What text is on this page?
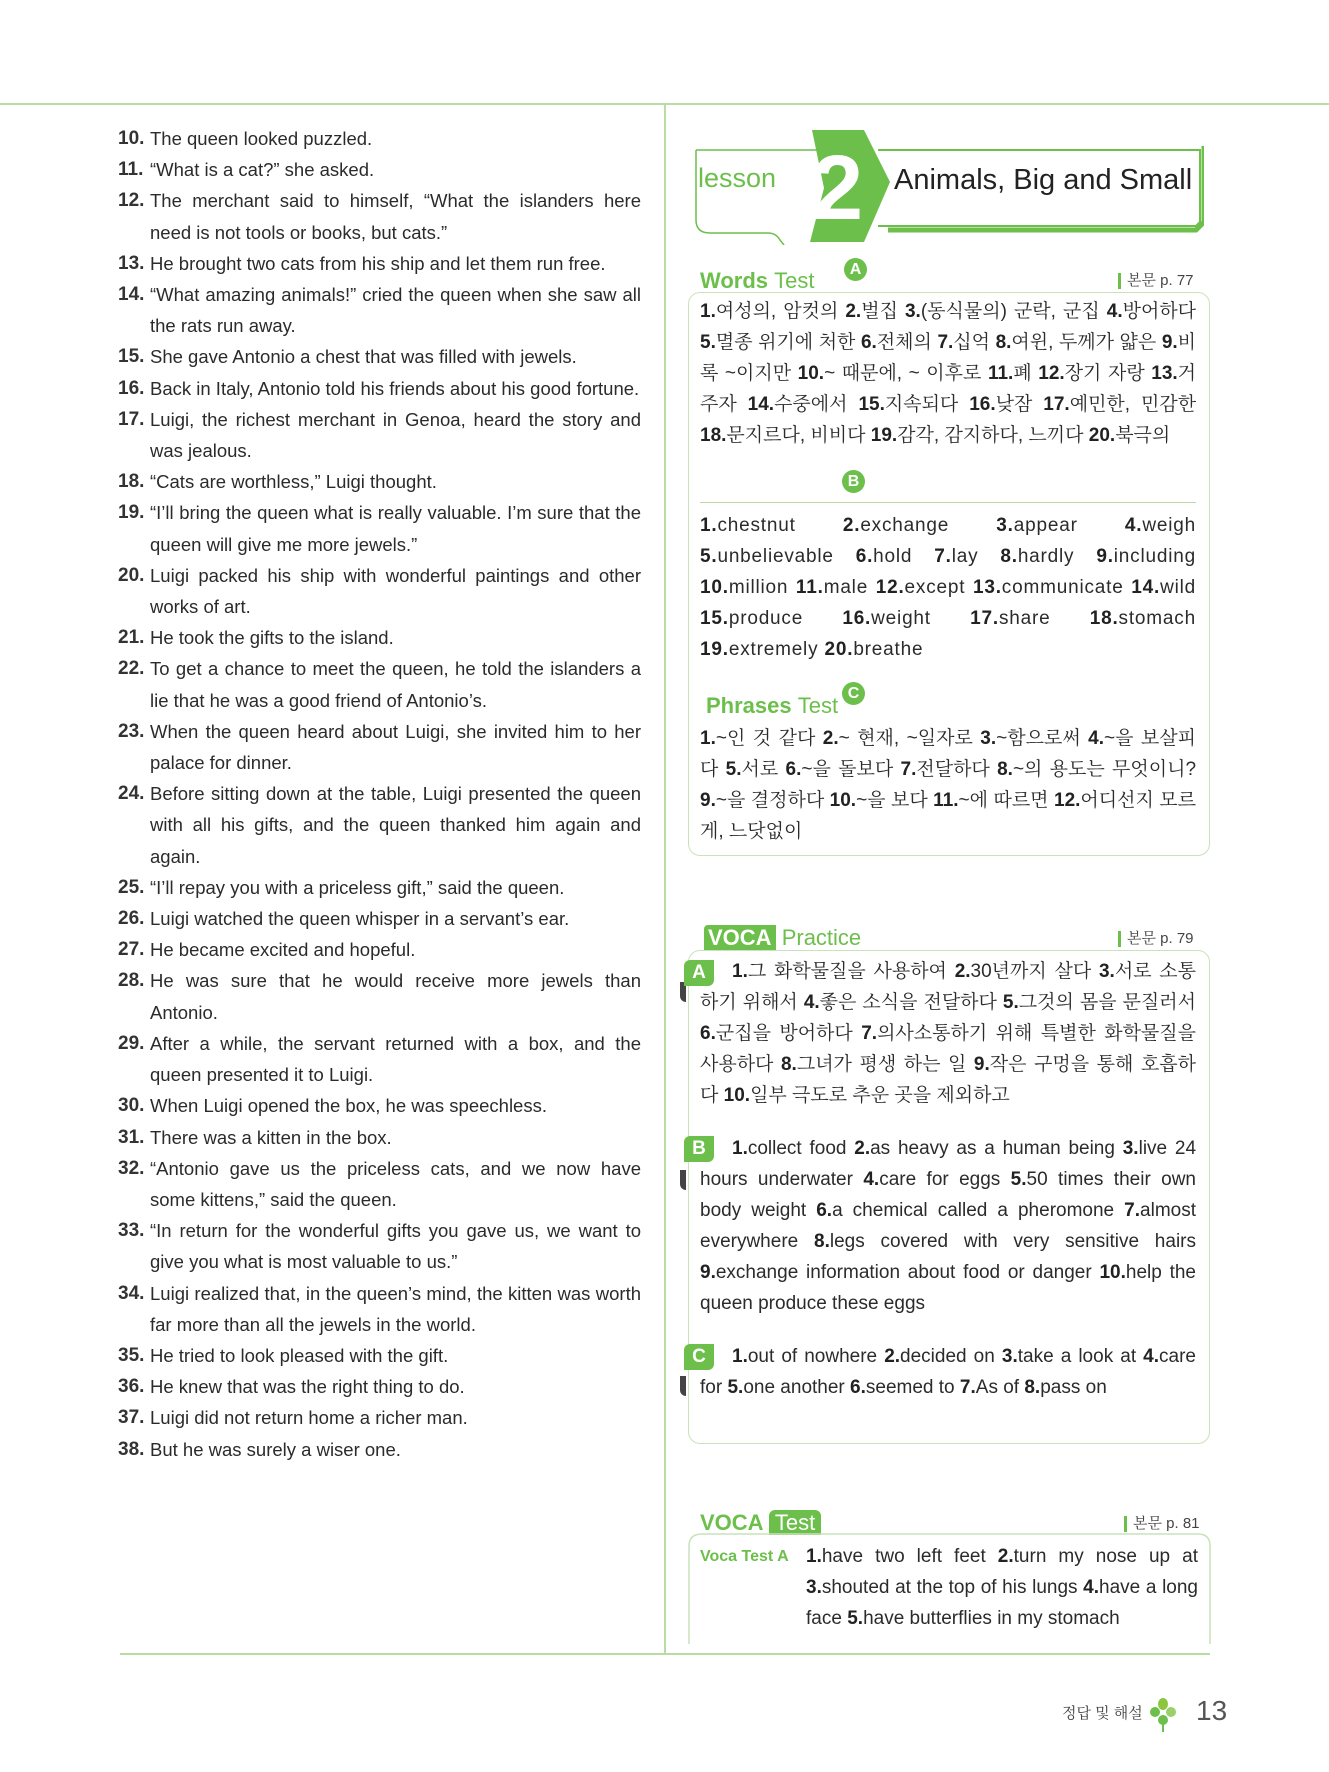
10. The queen looked puzzled.
11. “What is a cat?” she asked.
12. The merchant said to himself, “What the islanders here need is not tools or books, but cats.”
13. He brought two cats from his ship and let them run free.
14. “What amazing animals!” cried the queen when she saw all the rats run away.
15. She gave Antonio a chest that was filled with jewels.
16. Back in Italy, Antonio told his friends about his good fortune.
17. Luigi, the richest merchant in Genoa, heard the story and was jealous.
18. “Cats are worthless,” Luigi thought.
19. “I’ll bring the queen what is really valuable. I’m sure that the queen will give me more jewels.”
20. Luigi packed his ship with wonderful paintings and other works of art.
21. He took the gifts to the island.
22. To get a chance to meet the queen, he told the islanders a lie that he was a good friend of Antonio’s.
23. When the queen heard about Luigi, she invited him to her palace for dinner.
24. Before sitting down at the table, Luigi presented the queen with all his gifts, and the queen thanked him again and again.
25. “I’ll repay you with a priceless gift,” said the queen.
26. Luigi watched the queen whisper in a servant’s ear.
27. He became excited and hopeful.
28. He was sure that he would receive more jewels than Antonio.
29. After a while, the servant returned with a box, and the queen presented it to Luigi.
30. When Luigi opened the box, he was speechless.
31. There was a kitten in the box.
32. “Antonio gave us the priceless cats, and we now have some kittens,” said the queen.
33. “In return for the wonderful gifts you gave us, we want to give you what is most valuable to us.”
34. Luigi realized that, in the queen’s mind, the kitten was worth far more than all the jewels in the world.
35. He tried to look pleased with the gift.
36. He knew that was the right thing to do.
37. Luigi did not return home a richer man.
38. But he was surely a wiser one.
lesson 2 Animals, Big and Small
Words Test	A
본문 p. 77
1.여성의, 암컷의 2.벌집 3.(동식물의) 군락, 군집 4.방어하다 5.멸종 위기에 처한 6.전체의 7.십억 8.여윈, 두께가 얇은 9.비록 ~이지만 10.~ 때문에, ~ 이후로 11.폐 12.장기 자랑 13.거주자 14.수중에서 15.지속되다 16.낮잠 17.예민한, 민감한 18.문지르다, 비비다 19.감각, 감지하다, 느끼다 20.북극의
B
1.chestnut 2.exchange 3.appear 4.weigh 5.unbelievable 6.hold 7.lay 8.hardly 9.including 10.million 11.male 12.except 13.communicate 14.wild 15.produce 16.weight 17.share 18.stomach 19.extremely 20.breathe
Phrases Test C
1.~인 것 같다 2.~ 현재, ~일자로 3.~함으로써 4.~을 보살피다 5.서로 6.~을 돌보다 7.전달하다 8.~의 용도는 무엇이니? 9.~을 결정하다 10.~을 보다 11.~에 따르면 12.어디선지 모르게, 느닷없이
VOCA Practice	본문 p. 79
A	1.그 화학물질을 사용하여 2.30년까지 살다 3.서로 소통하기 위해서 4.좋은 소식을 전달하다 5.그것의 몸을 문질러서 6.군집을 방어하다 7.의사소통하기 위해 특별한 화학물질을 사용하다 8.그녀가 평생 하는 일 9.작은 구멍을 통해 호흡하다 10.일부 극도로 추운 곳을 제외하고
B	1.collect food 2.as heavy as a human being 3.live 24 hours underwater 4.care for eggs 5.50 times their own body weight 6.a chemical called a pheromone 7.almost everywhere 8.legs covered with very sensitive hairs 9.exchange information about food or danger 10.help the queen produce these eggs
C	1.out of nowhere 2.decided on 3.take a look at 4.care for 5.one another 6.seemed to 7.As of 8.pass on
VOCA Test	본문 p. 81
Voca Test A 1.have two left feet 2.turn my nose up at 3.shouted at the top of his lungs 4.have a long face 5.have butterflies in my stomach
정답 및 해설 13
